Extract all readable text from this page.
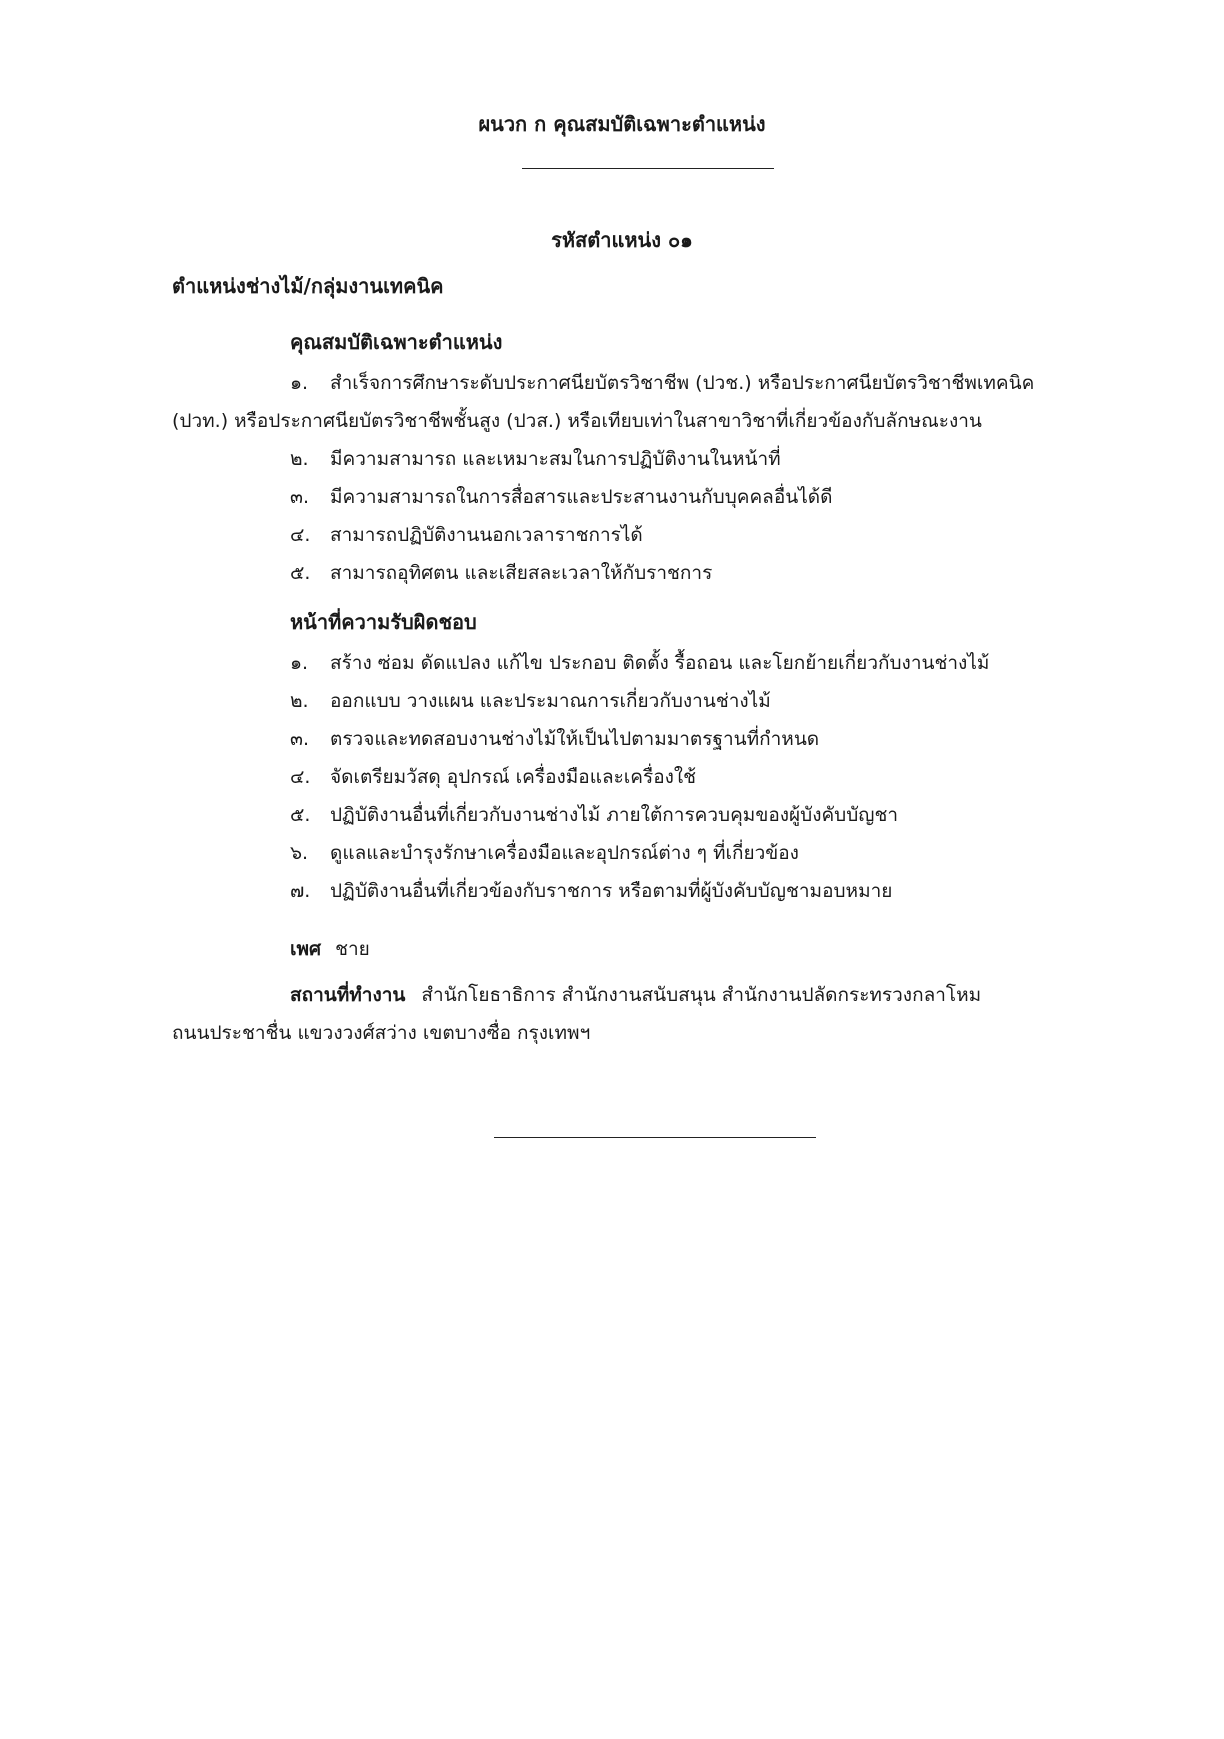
ผนวก ก คุณสมบัติเฉพาะตำแหน่ง
รหัสตำแหน่ง ๐๑
ตำแหน่งช่างไม้/กลุ่มงานเทคนิค
คุณสมบัติเฉพาะตำแหน่ง
๑. สำเร็จการศึกษาระดับประกาศนียบัตรวิชาชีพ (ปวช.) หรือประกาศนียบัตรวิชาชีพเทคนิค
(ปวท.) หรือประกาศนียบัตรวิชาชีพชั้นสูง (ปวส.) หรือเทียบเท่าในสาขาวิชาที่เกี่ยวข้องกับลักษณะงาน
๒. มีความสามารถ และเหมาะสมในการปฏิบัติงานในหน้าที่
๓. มีความสามารถในการสื่อสารและประสานงานกับบุคคลอื่นได้ดี
๔. สามารถปฏิบัติงานนอกเวลาราชการได้
๕. สามารถอุทิศตน และเสียสละเวลาให้กับราชการ
หน้าที่ความรับผิดชอบ
๑. สร้าง ซ่อม ดัดแปลง แก้ไข ประกอบ ติดตั้ง รื้อถอน และโยกย้ายเกี่ยวกับงานช่างไม้
๒. ออกแบบ วางแผน และประมาณการเกี่ยวกับงานช่างไม้
๓. ตรวจและทดสอบงานช่างไม้ให้เป็นไปตามมาตรฐานที่กำหนด
๔. จัดเตรียมวัสดุ อุปกรณ์ เครื่องมือและเครื่องใช้
๕. ปฏิบัติงานอื่นที่เกี่ยวกับงานช่างไม้ ภายใต้การควบคุมของผู้บังคับบัญชา
๖. ดูแลและบำรุงรักษาเครื่องมือและอุปกรณ์ต่าง ๆ ที่เกี่ยวข้อง
๗. ปฏิบัติงานอื่นที่เกี่ยวข้องกับราชการ หรือตามที่ผู้บังคับบัญชามอบหมาย
เพศ ชาย
สถานที่ทำงาน สำนักโยธาธิการ สำนักงานสนับสนุน สำนักงานปลัดกระทรวงกลาโหม
ถนนประชาชื่น แขวงวงศ์สว่าง เขตบางซื่อ กรุงเทพฯ
